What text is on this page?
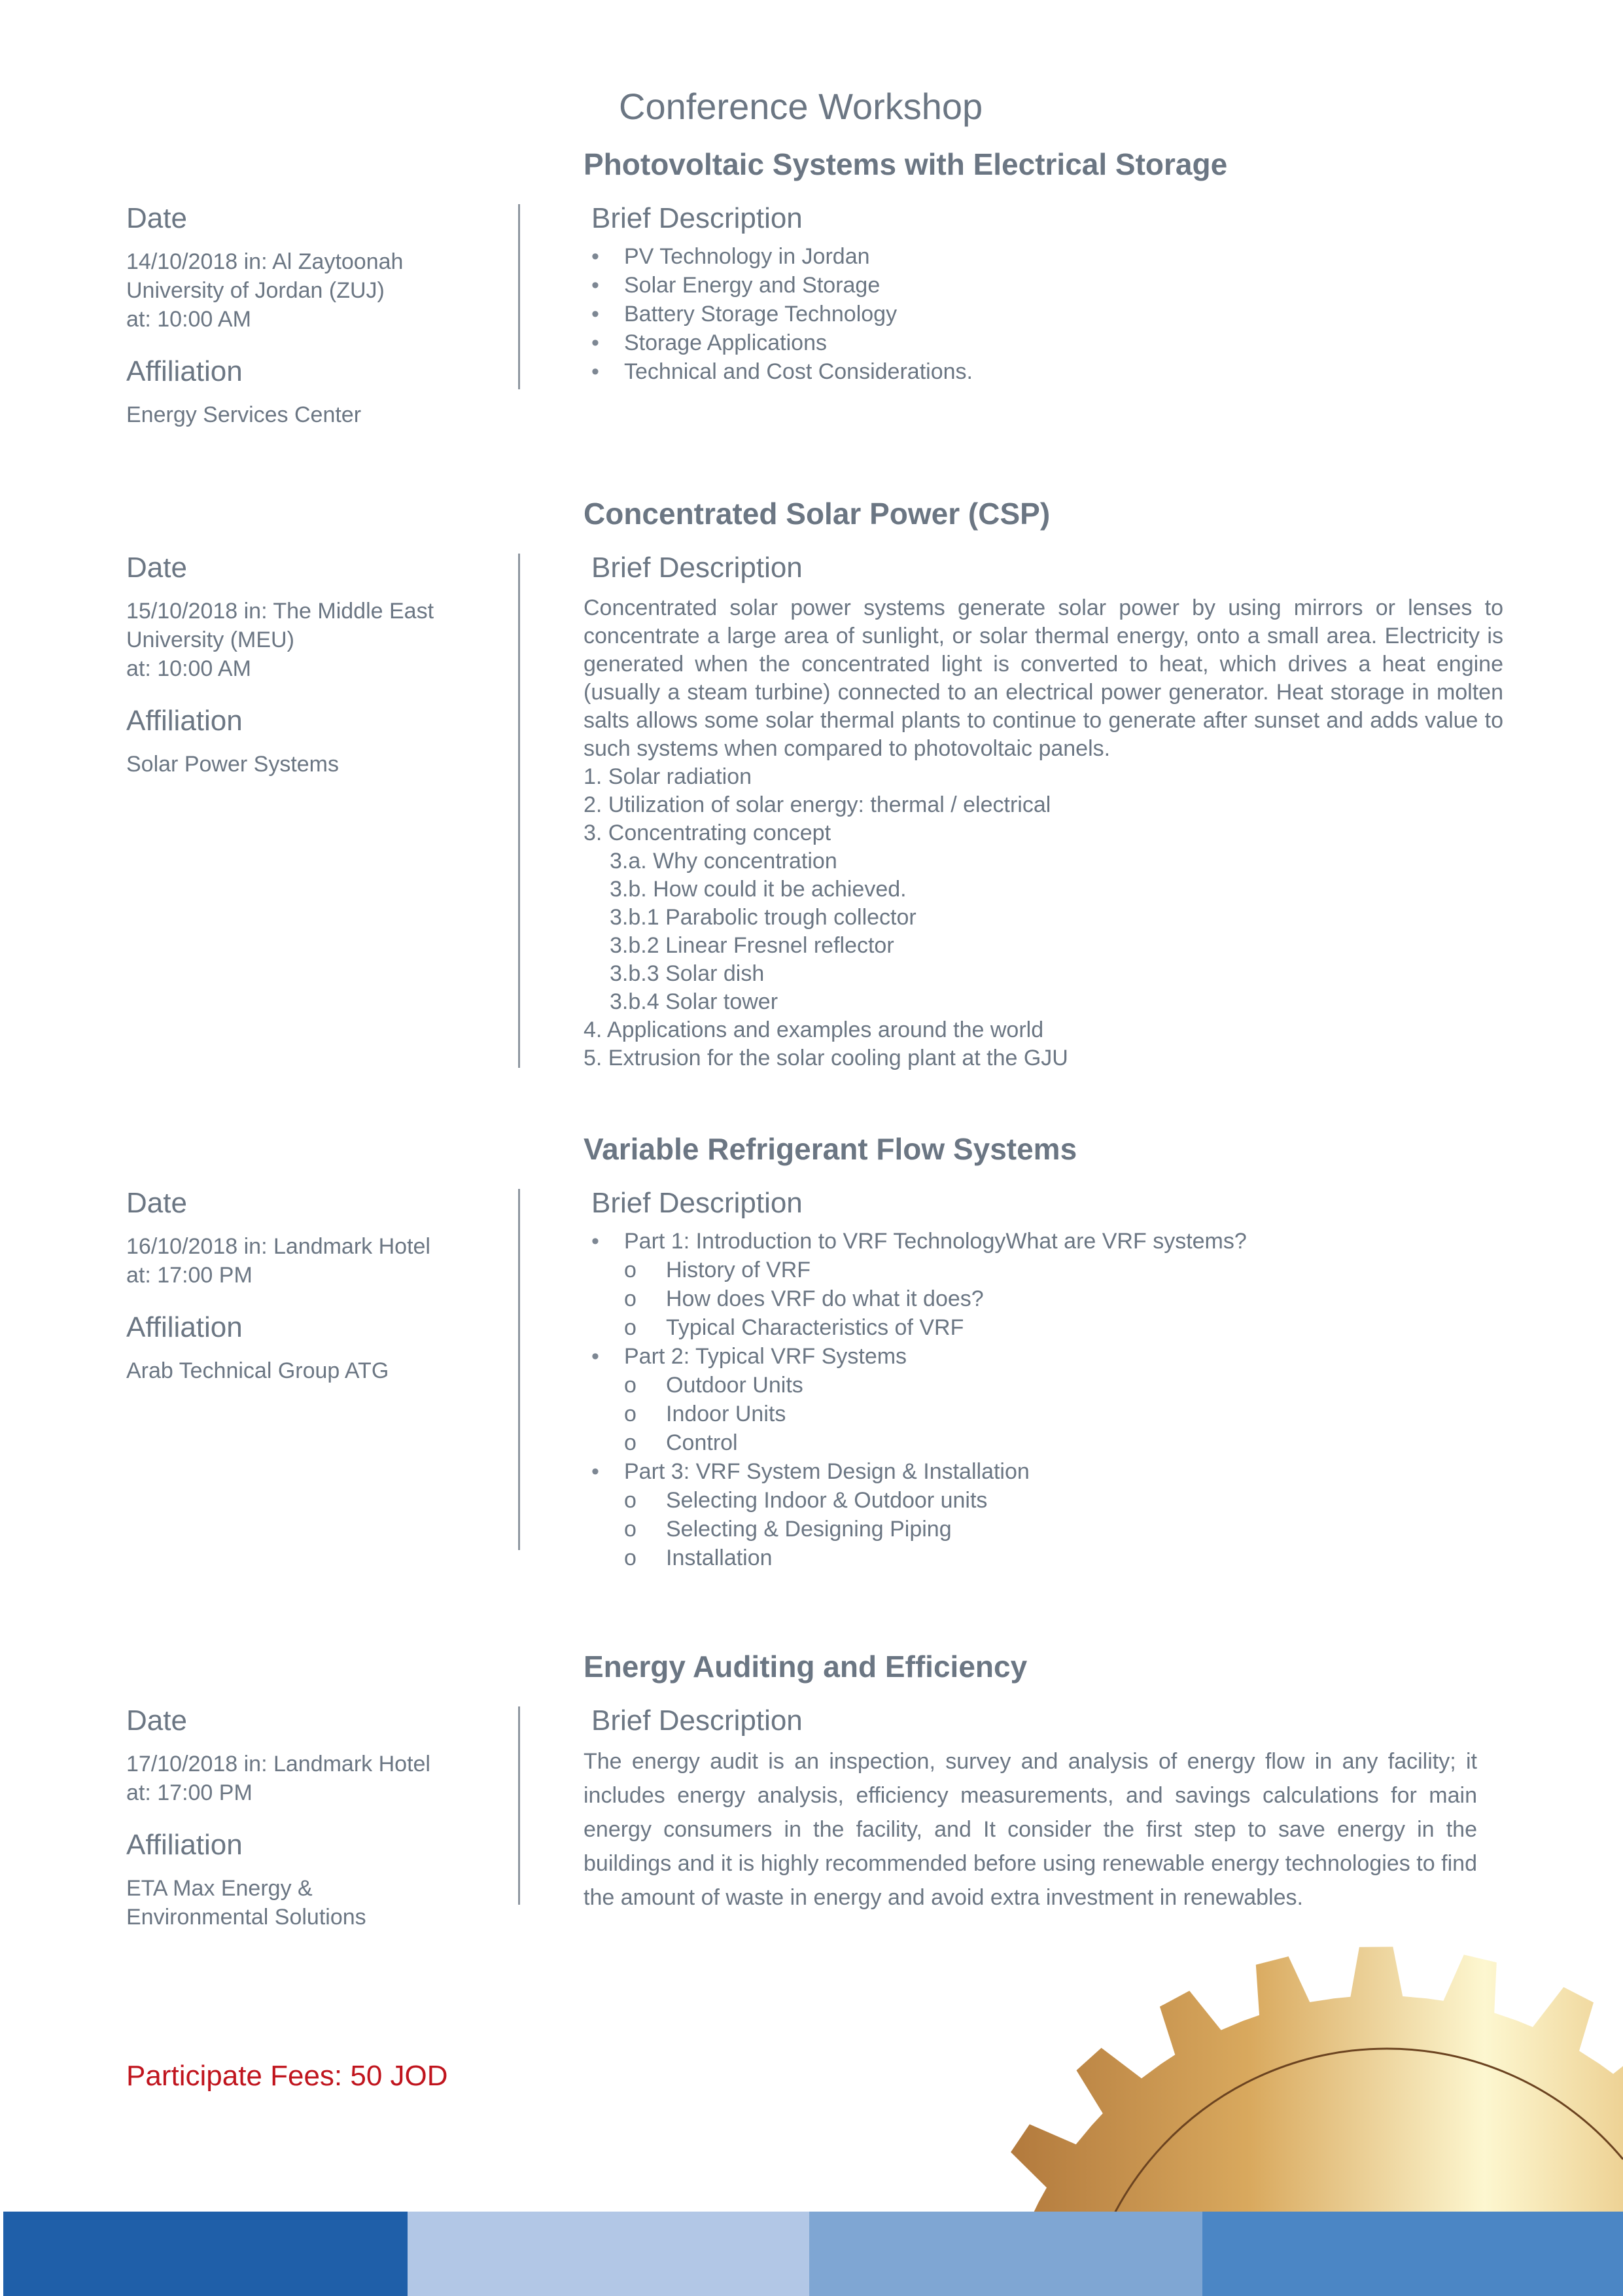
Conference Workshop
Photovoltaic Systems with Electrical Storage
Date
14/10/2018 in: Al Zaytoonah
University of Jordan (ZUJ)
at: 10:00 AM
Affiliation
Energy Services Center
Brief Description
• PV Technology in Jordan
• Solar Energy and Storage
• Battery Storage Technology
• Storage Applications
• Technical and Cost Considerations.
Concentrated Solar Power (CSP)
Date
15/10/2018 in: The Middle East
University (MEU)
at: 10:00 AM
Affiliation
Solar Power Systems
Brief Description

Concentrated solar power systems generate solar power by using mirrors or lenses to concentrate a large area of sunlight, or solar thermal energy, onto a small area. Electricity is generated when the concentrated light is converted to heat, which drives a heat engine (usually a steam turbine) connected to an electrical power generator. Heat storage in molten salts allows some solar thermal plants to continue to generate after sunset and adds value to such systems when compared to photovoltaic panels.

1. Solar radiation
2. Utilization of solar energy: thermal / electrical
3. Concentrating concept
3.a. Why concentration
3.b. How could it be achieved.
3.b.1 Parabolic trough collector
3.b.2 Linear Fresnel reflector
3.b.3 Solar dish
3.b.4 Solar tower
4. Applications and examples around the world
5. Extrusion for the solar cooling plant at the GJU
Variable Refrigerant Flow Systems
Date
16/10/2018 in: Landmark Hotel
at: 17:00 PM
Affiliation
Arab Technical Group ATG
Brief Description
• Part 1: Introduction to VRF TechnologyWhat are VRF systems?
o History of VRF
o How does VRF do what it does?
o Typical Characteristics of VRF
• Part 2: Typical VRF Systems
o Outdoor Units
o Indoor Units
o Control
• Part 3: VRF System Design & Installation
o Selecting Indoor & Outdoor units
o Selecting & Designing Piping
o Installation
Energy Auditing and Efficiency
Date
17/10/2018 in: Landmark Hotel
at: 17:00 PM
Affiliation
ETA Max Energy &
Environmental Solutions
Brief Description

The energy audit is an inspection, survey and analysis of energy flow in any facility; it includes energy analysis, efficiency measurements, and savings calculations for main energy consumers in the facility, and It consider the first step to save energy in the buildings and it is highly recommended before using renewable energy technologies to find the amount of waste in energy and avoid extra investment in renewables.

Participate Fees: 50 JOD
